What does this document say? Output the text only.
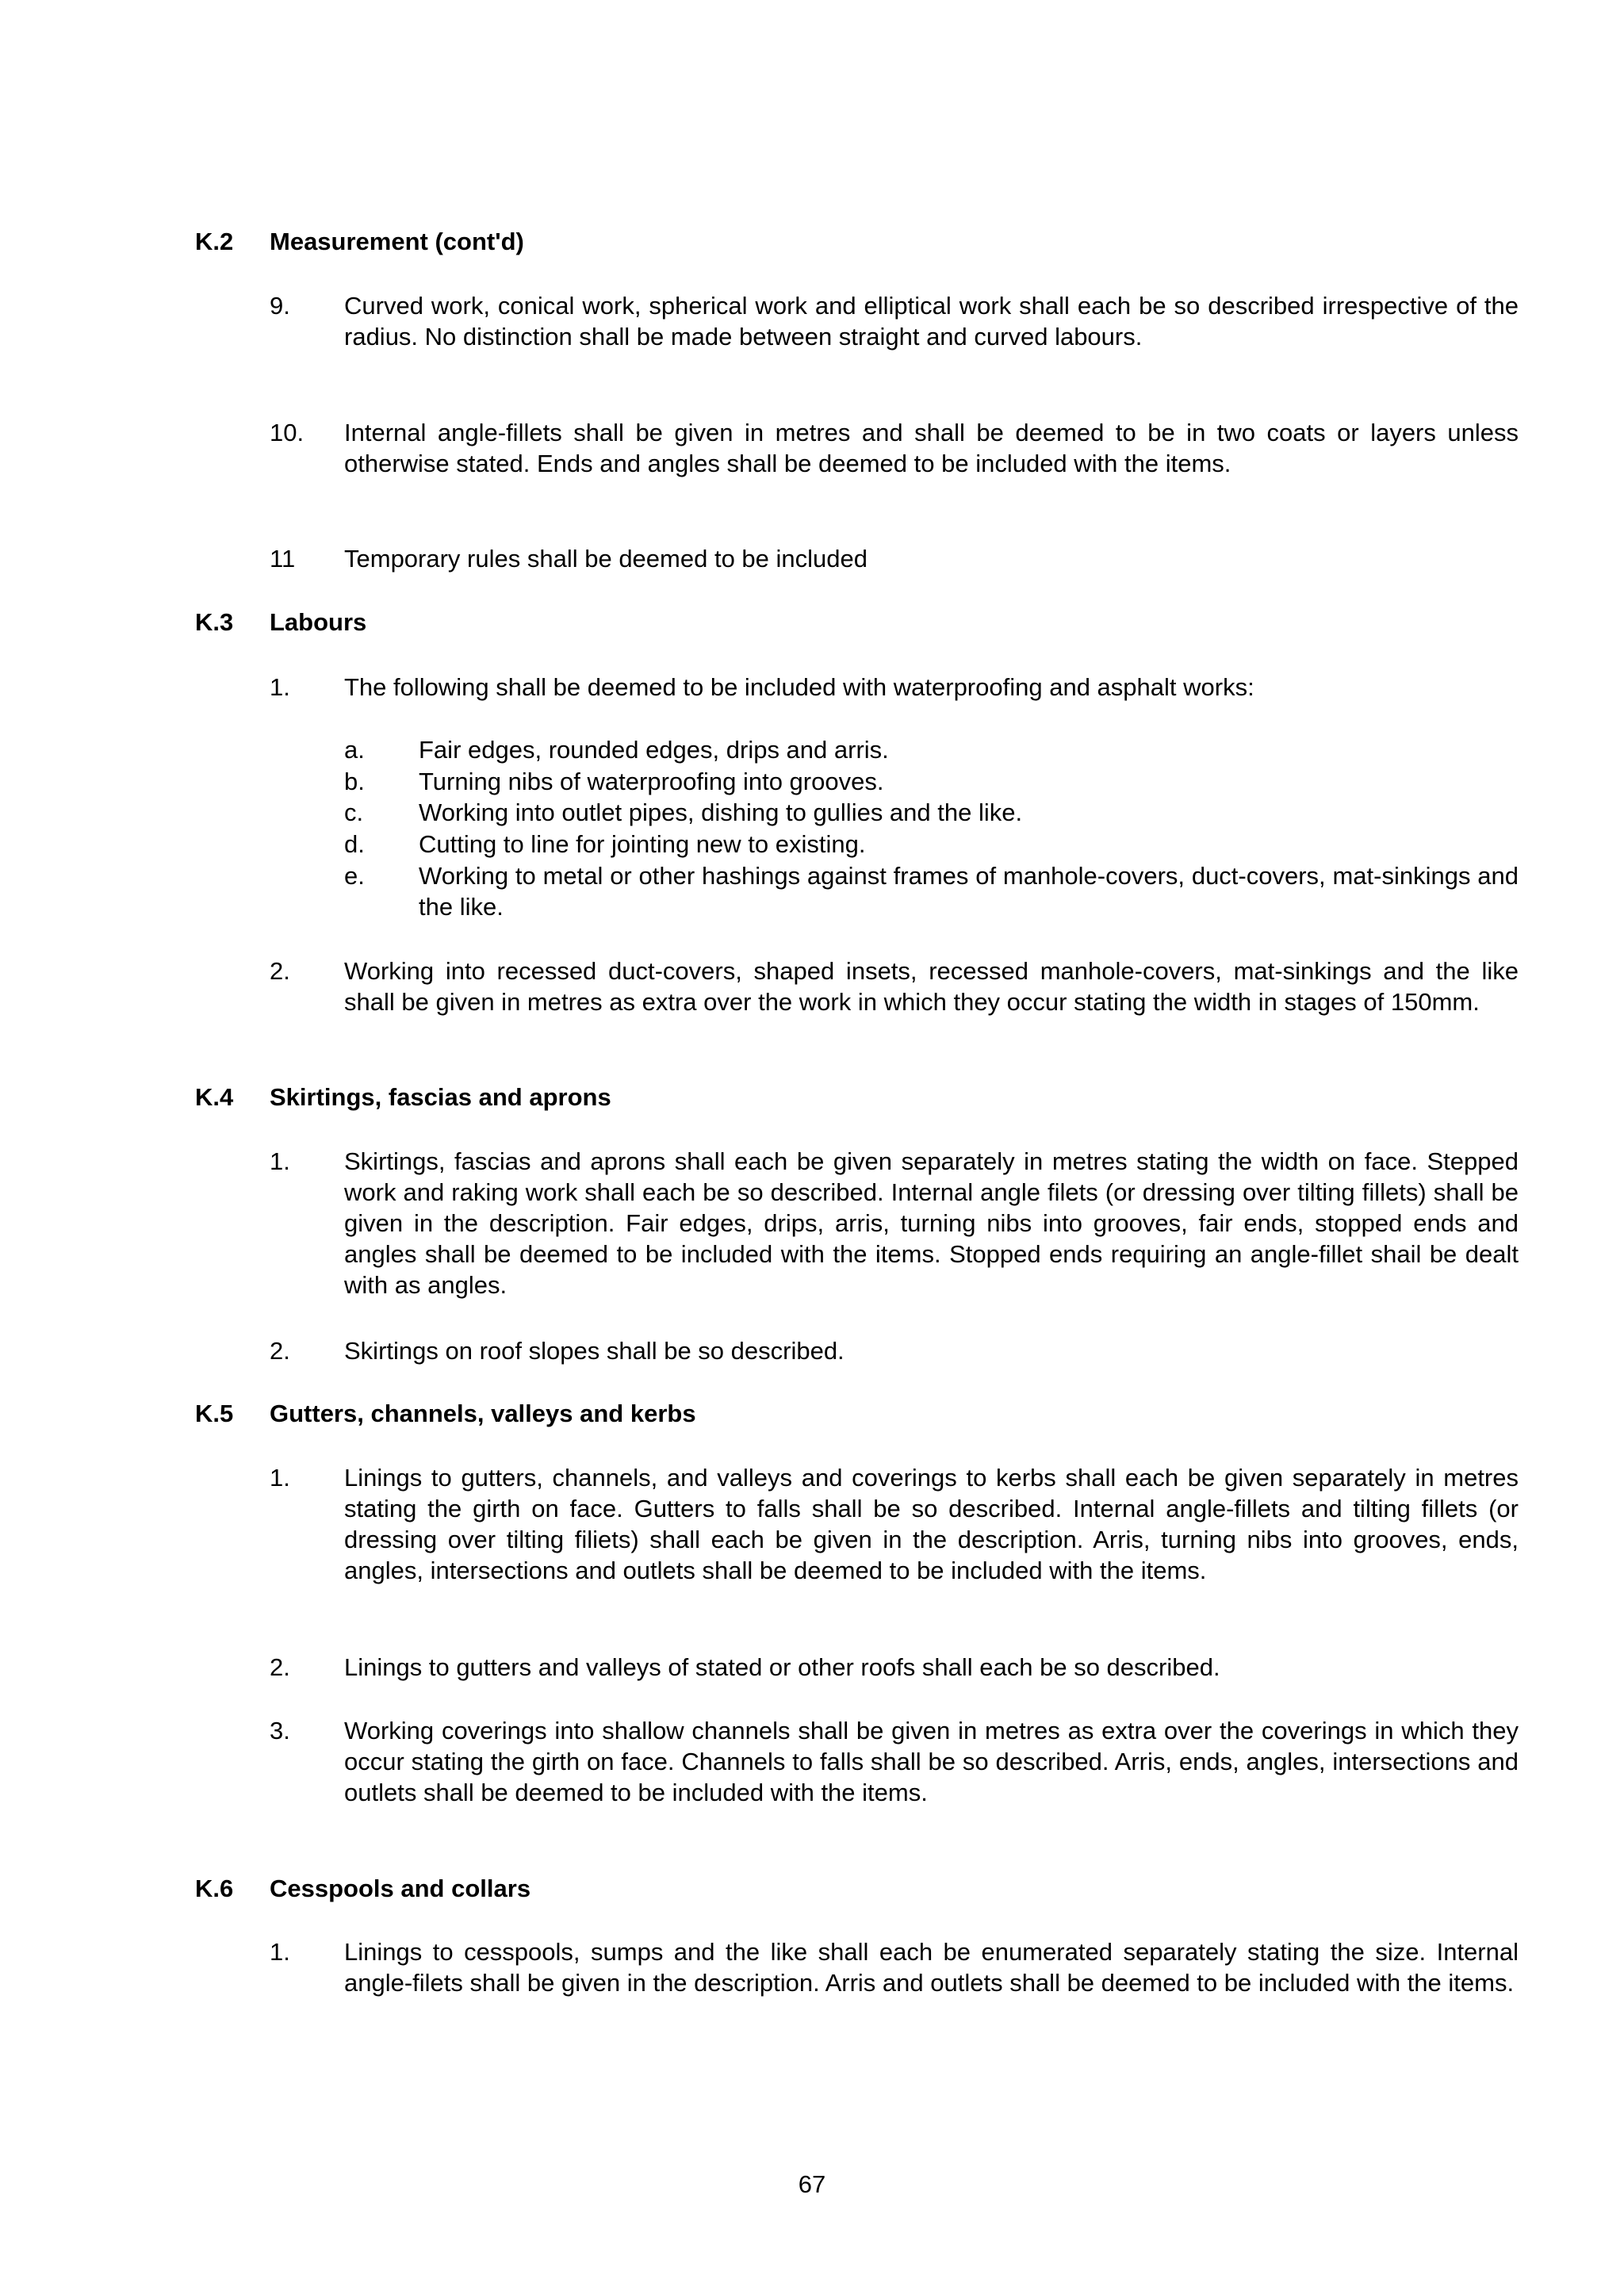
K.2 Measurement (cont'd)
9. Curved work, conical work, spherical work and elliptical work shall each be so described irrespective of the radius. No distinction shall be made between straight and curved labours.
10. Internal angle-fillets shall be given in metres and shall be deemed to be in two coats or layers unless otherwise stated. Ends and angles shall be deemed to be included with the items.
11 Temporary rules shall be deemed to be included
K.3 Labours
1. The following shall be deemed to be included with waterproofing and asphalt works:
a. Fair edges, rounded edges, drips and arris.
b. Turning nibs of waterproofing into grooves.
c. Working into outlet pipes, dishing to gullies and the like.
d. Cutting to line for jointing new to existing.
e. Working to metal or other hashings against frames of manhole-covers, duct-covers, mat-sinkings and the like.
2. Working into recessed duct-covers, shaped insets, recessed manhole-covers, mat-sinkings and the like shall be given in metres as extra over the work in which they occur stating the width in stages of 150mm.
K.4 Skirtings, fascias and aprons
1. Skirtings, fascias and aprons shall each be given separately in metres stating the width on face. Stepped work and raking work shall each be so described. Internal angle filets (or dressing over tilting fillets) shall be given in the description. Fair edges, drips, arris, turning nibs into grooves, fair ends, stopped ends and angles shall be deemed to be included with the items. Stopped ends requiring an angle-fillet shail be dealt with as angles.
2. Skirtings on roof slopes shall be so described.
K.5 Gutters, channels, valleys and kerbs
1. Linings to gutters, channels, and valleys and coverings to kerbs shall each be given separately in metres stating the girth on face. Gutters to falls shall be so described. Internal angle-fillets and tilting fillets (or dressing over tilting filiets) shall each be given in the description. Arris, turning nibs into grooves, ends, angles, intersections and outlets shall be deemed to be included with the items.
2. Linings to gutters and valleys of stated or other roofs shall each be so described.
3. Working coverings into shallow channels shall be given in metres as extra over the coverings in which they occur stating the girth on face. Channels to falls shall be so described. Arris, ends, angles, intersections and outlets shall be deemed to be included with the items.
K.6 Cesspools and collars
1. Linings to cesspools, sumps and the like shall each be enumerated separately stating the size. Internal angle-filets shall be given in the description. Arris and outlets shall be deemed to be included with the items.
67
